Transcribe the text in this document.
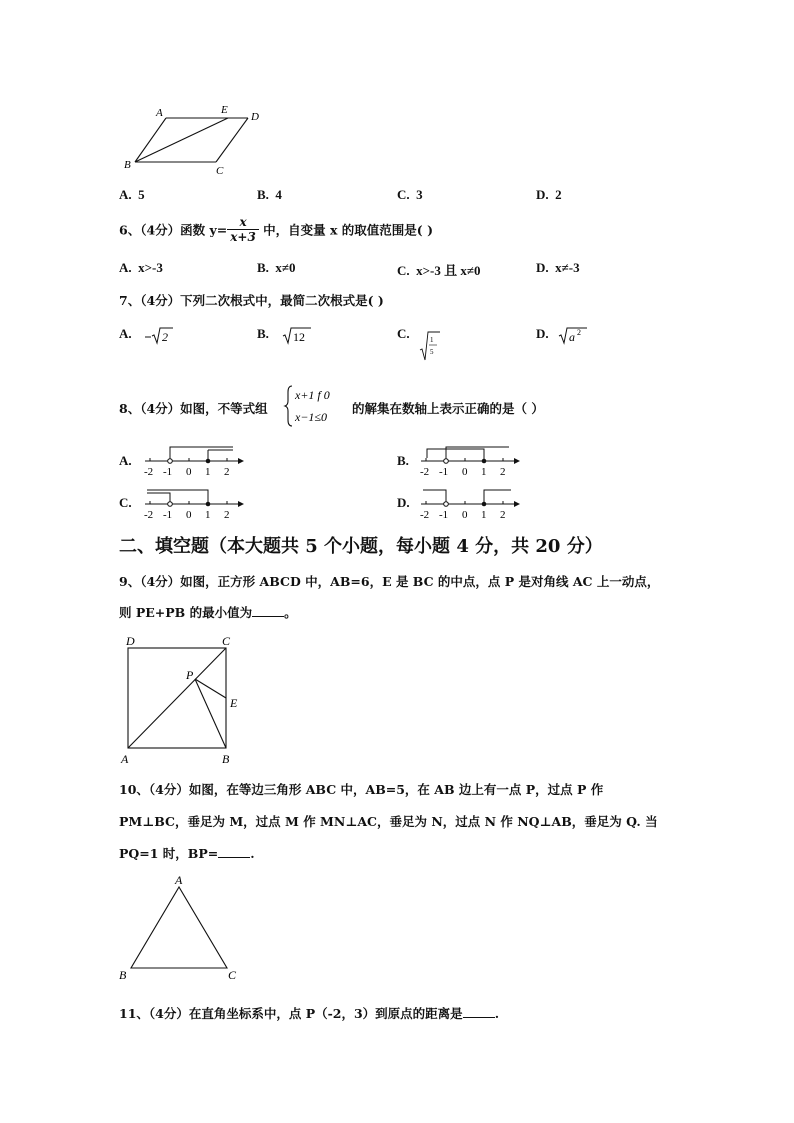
A	E
D
B	C
A. 5	B. 4	C. 3	D. 2
6、（4分）函数 $y= \frac{x}{x+3}$ 中，自变量 x 的取值范围是( )
A. x>-3	B. x≠0	C. x>-3 且 x≠0	D. x≠-3
7、（4分）下列二次根式中，最简二次根式是( )
A.	2	B. 12	C.	1
5
D. a 2
8、（4分）如图，不等式组
x+1 f 0
x−1≤0
的解集在数轴上表示正确的是（ ）
A.
-2 -1 0 1 2
B.
-2 -1 0 1 2
C.
-2 -1 0 1 2
D.
-2 -1 0 1 2
二、填空题（本大题共 5 个小题，每小题 4 分，共 20 分）
9、（4分）如图，正方形 ABCD 中，AB=6，E 是 BC 的中点，点 P 是对角线 AC 上一动点，
则 PE+PB 的最小值为	。
D	C
P
E
A	B
10、（4分）如图，在等边三角形 ABC 中，AB=5，在 AB 边上有一点 P，过点 P 作
PM⊥BC，垂足为 M，过点 M 作 MN⊥AC，垂足为 N，过点 N 作 NQ⊥AB，垂足为 Q. 当
PQ=1 时，BP=	.
A
B	C
11、（4分）在直角坐标系中，点 P（-2，3）到原点的距离是	.
